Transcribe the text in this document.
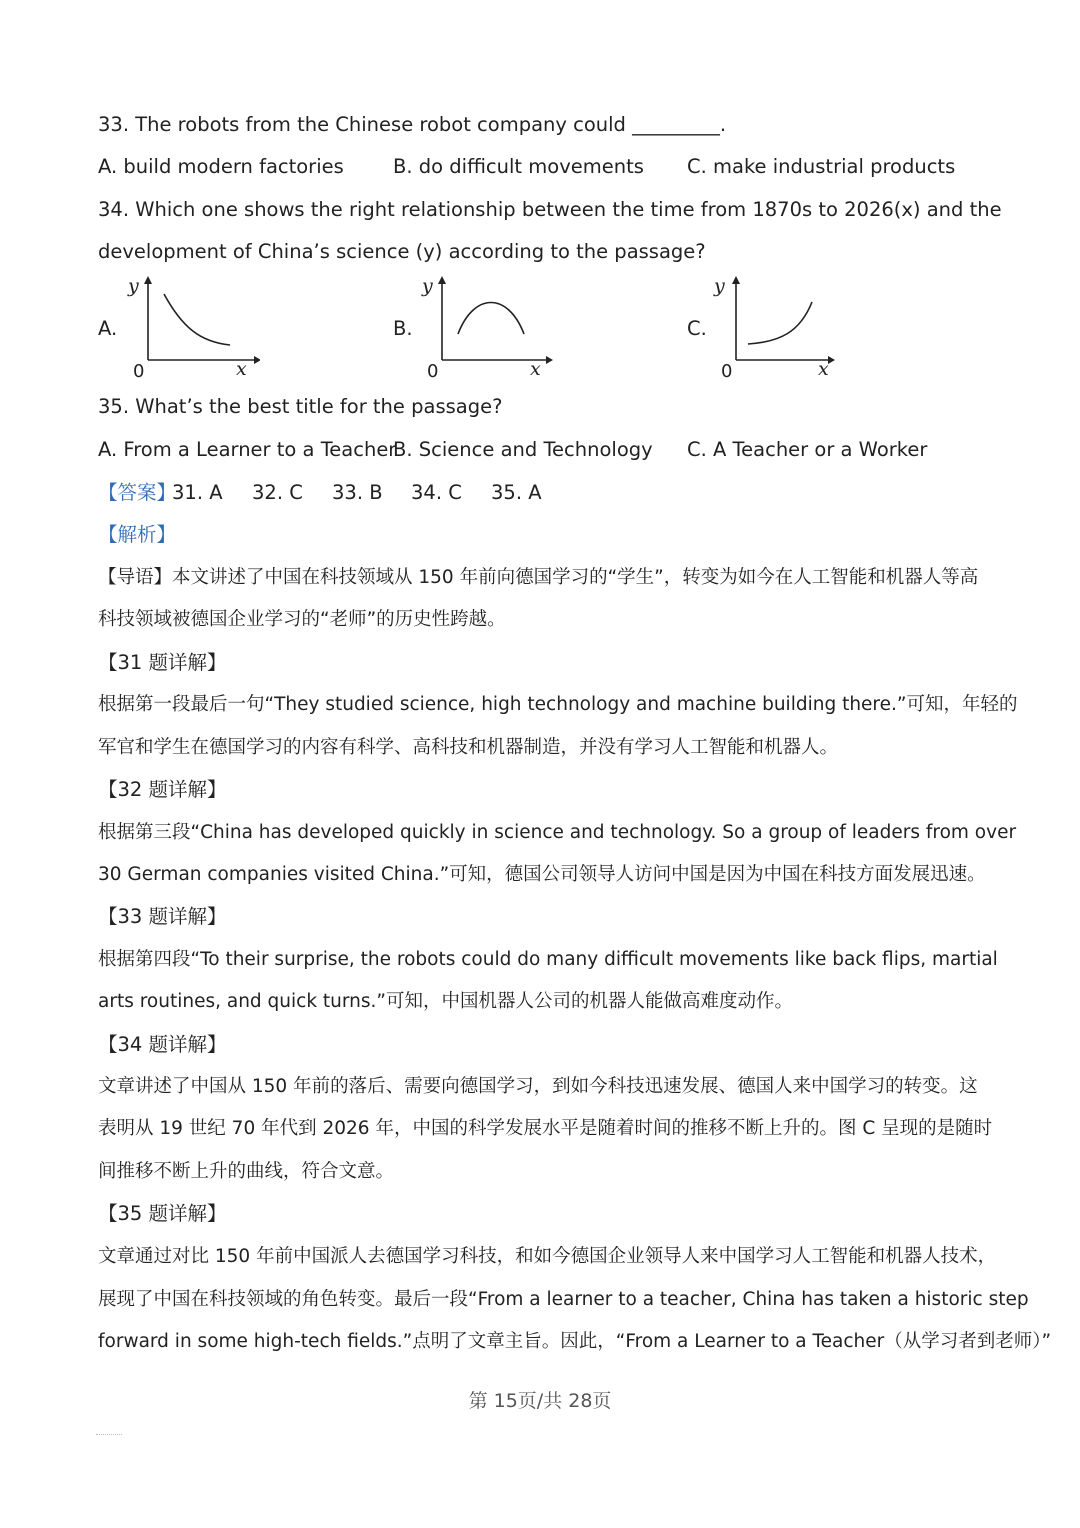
33. The robots from the Chinese robot company could _________.
A. build modern factories	B. do difficult movements C. make industrial products
34. Which one shows the right relationship between the time from 1870s to 2026(x) and the
development of China’s science (y) according to the passage?
A.
y
x
0
B.
y
x
0
C.
y
x
0
35. What’s the best title for the passage?
A. From a Learner to a Teacher
B. Science and Technology C. A Teacher or a Worker
【答案】
31. A 32. C 33. B 34. C 35. A
【解析】
【导语】本文讲述了中国在科技领域从 150 年前向德国学习的“学生”，转变为如今在人工智能和机器人等高
科技领域被德国企业学习的“老师”的历史性跨越。
【31 题详解】
根据第一段最后一句“They studied science, high technology and machine building there.”可知，年轻的
军官和学生在德国学习的内容有科学、高科技和机器制造，并没有学习人工智能和机器人。
【32 题详解】
根据第三段“China has developed quickly in science and technology. So a group of leaders from over
30 German companies visited China.”可知，德国公司领导人访问中国是因为中国在科技方面发展迅速。
【33 题详解】
根据第四段“To their surprise, the robots could do many difficult movements like back flips, martial
arts routines, and quick turns.”可知，中国机器人公司的机器人能做高难度动作。
【34 题详解】
文章讲述了中国从 150 年前的落后、需要向德国学习，到如今科技迅速发展、德国人来中国学习的转变。这
表明从 19 世纪 70 年代到 2026 年，中国的科学发展水平是随着时间的推移不断上升的。图 C 呈现的是随时
间推移不断上升的曲线，符合文意。
【35 题详解】
文章通过对比 150 年前中国派人去德国学习科技，和如今德国企业领导人来中国学习人工智能和机器人技术，
展现了中国在科技领域的角色转变。最后一段“From a learner to a teacher, China has taken a historic step
forward in some high-tech fields.”点明了文章主旨。因此，“From a Learner to a Teacher（从学习者到老师）”
第 15页/共 28页
